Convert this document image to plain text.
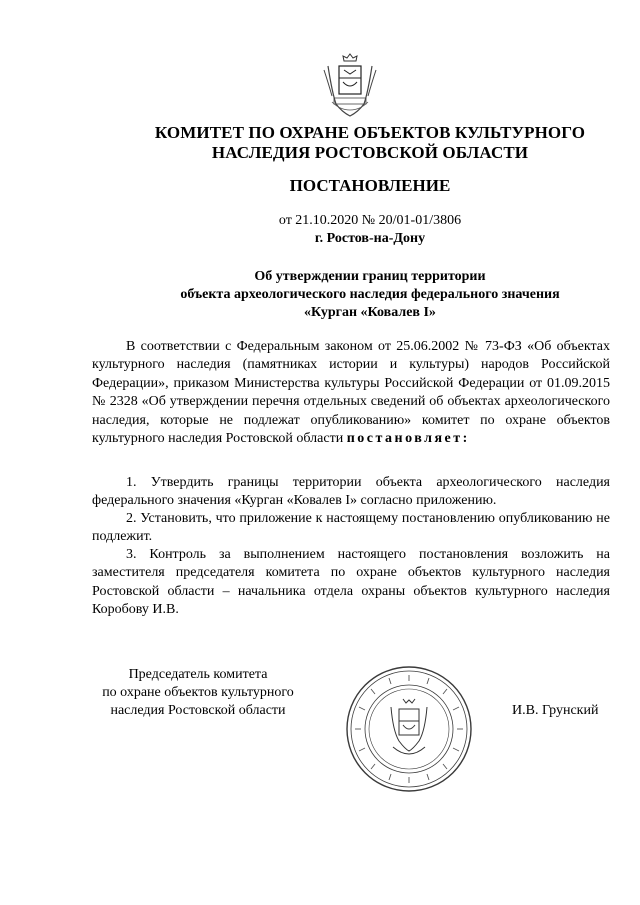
КОМИТЕТ ПО ОХРАНЕ ОБЪЕКТОВ КУЛЬТУРНОГО
НАСЛЕДИЯ РОСТОВСКОЙ ОБЛАСТИ
ПОСТАНОВЛЕНИЕ
от 21.10.2020 № 20/01-01/3806
г. Ростов-на-Дону
Об утверждении границ территории
объекта археологического наследия федерального значения
«Курган «Ковалев I»
В соответствии с Федеральным законом от 25.06.2002 № 73-ФЗ «Об объектах культурного наследия (памятниках истории и культуры) народов Российской Федерации», приказом Министерства культуры Российской Федерации от 01.09.2015 № 2328 «Об утверждении перечня отдельных сведений об объектах археологического наследия, которые не подлежат опубликованию» комитет по охране объектов культурного наследия Ростовской области постановляет:
1. Утвердить границы территории объекта археологического наследия федерального значения «Курган «Ковалев I» согласно приложению.
2. Установить, что приложение к настоящему постановлению опубликованию не подлежит.
3. Контроль за выполнением настоящего постановления возложить на заместителя председателя комитета по охране объектов культурного наследия Ростовской области – начальника отдела охраны объектов культурного наследия Коробову И.В.
Председатель комитета
по охране объектов культурного
наследия Ростовской области	И.В. Грунский
